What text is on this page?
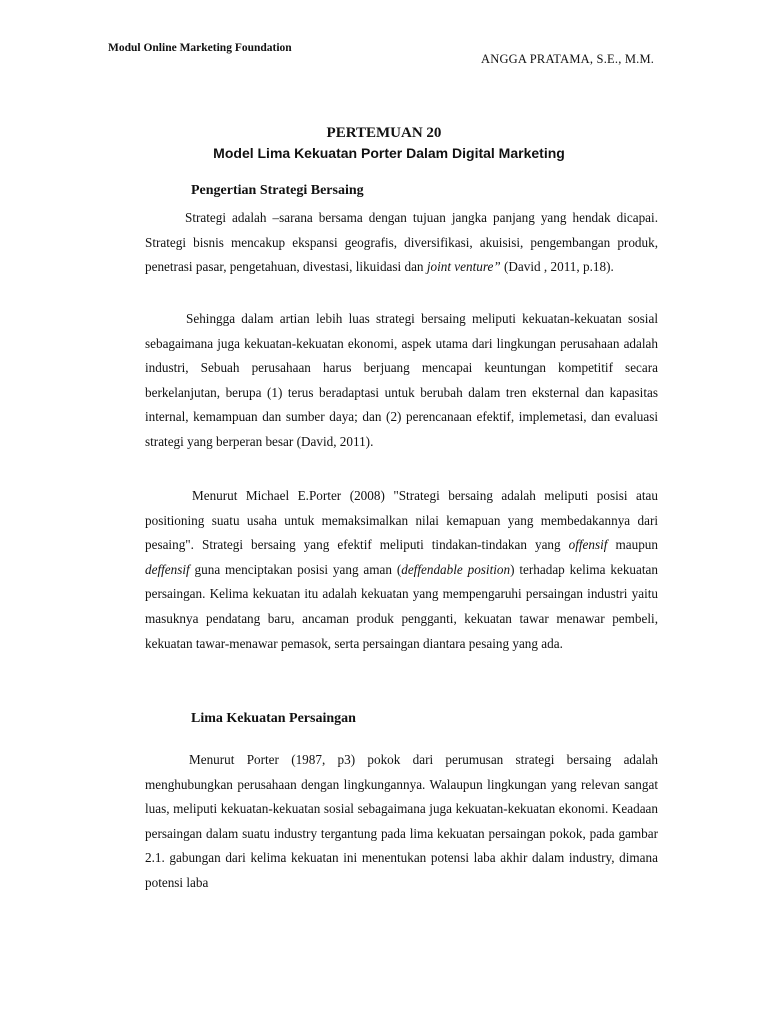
Modul Online Marketing Foundation
ANGGA PRATAMA, S.E., M.M.
PERTEMUAN 20
Model Lima Kekuatan Porter Dalam Digital Marketing
Pengertian Strategi Bersaing

Strategi adalah –sarana bersama dengan tujuan jangka panjang yang hendak dicapai. Strategi bisnis mencakup ekspansi geografis, diversifikasi, akuisisi, pengembangan produk, penetrasi pasar, pengetahuan, divestasi, likuidasi dan joint venture” (David , 2011, p.18).

Sehingga dalam artian lebih luas strategi bersaing meliputi kekuatan-kekuatan sosial sebagaimana juga kekuatan-kekuatan ekonomi, aspek utama dari lingkungan perusahaan adalah industri, Sebuah perusahaan harus berjuang mencapai keuntungan kompetitif secara berkelanjutan, berupa (1) terus beradaptasi untuk berubah dalam tren eksternal dan kapasitas internal, kemampuan dan sumber daya; dan (2) perencanaan efektif, implemetasi, dan evaluasi strategi yang berperan besar (David, 2011).

Menurut Michael E.Porter (2008) "Strategi bersaing adalah meliputi posisi atau positioning suatu usaha untuk memaksimalkan nilai kemapuan yang membedakannya dari pesaing". Strategi bersaing yang efektif meliputi tindakan-tindakan yang offensif maupun deffensif guna menciptakan posisi yang aman (deffendable position) terhadap kelima kekuatan persaingan. Kelima kekuatan itu adalah kekuatan yang mempengaruhi persaingan industri yaitu masuknya pendatang baru, ancaman produk pengganti, kekuatan tawar menawar pembeli, kekuatan tawar-menawar pemasok, serta persaingan diantara pesaing yang ada.

Lima Kekuatan Persaingan

Menurut Porter (1987, p3) pokok dari perumusan strategi bersaing adalah menghubungkan perusahaan dengan lingkungannya. Walaupun lingkungan yang relevan sangat luas, meliputi kekuatan-kekuatan sosial sebagaimana juga kekuatan-kekuatan ekonomi. Keadaan persaingan dalam suatu industry tergantung pada lima kekuatan persaingan pokok, pada gambar 2.1. gabungan dari kelima kekuatan ini menentukan potensi laba akhir dalam industry, dimana potensi laba
